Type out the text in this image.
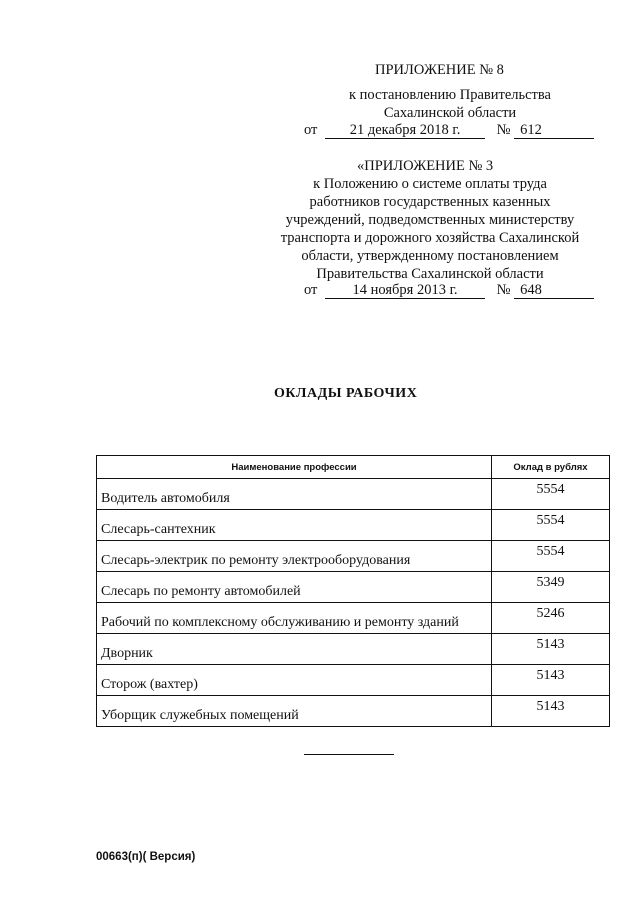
ПРИЛОЖЕНИЕ № 8
к постановлению Правительства
Сахалинской области
от 21 декабря 2018 г.	№ 612
«ПРИЛОЖЕНИЕ № 3
к Положению о системе оплаты труда
работников государственных казенных
учреждений, подведомственных министерству
транспорта и дорожного хозяйства Сахалинской
области, утвержденному постановлением
Правительства Сахалинской области
от 14 ноября 2013 г.	№ 648
ОКЛАДЫ РАБОЧИХ
Наименование профессии	Оклад в рублях
Водитель автомобиля	5554
Слесарь-сантехник	5554
Слесарь-электрик по ремонту электрооборудования	5554
Слесарь по ремонту автомобилей	5349
Рабочий по комплексному обслуживанию и ремонту зданий	5246
Дворник	5143
Сторож (вахтер)	5143
Уборщик служебных помещений	5143
00663(п)( Версия)
